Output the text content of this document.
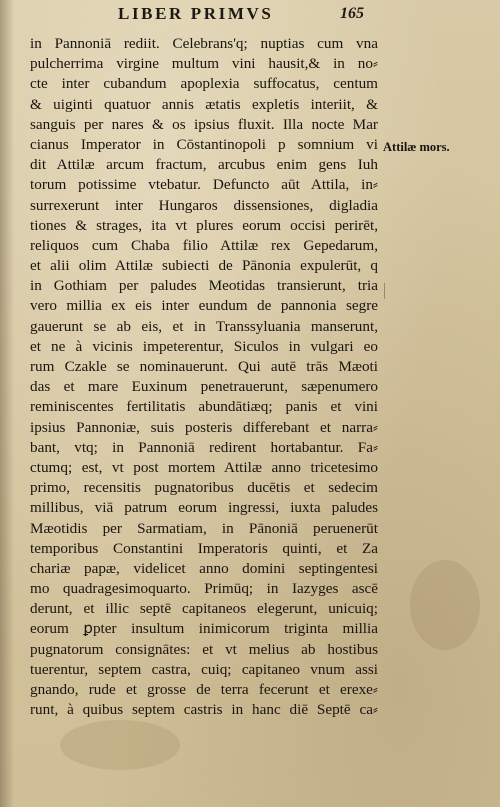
LIBER PRIMVS	165
in Pannoniā rediit. Celebrans'q; nuptias cum vna
pulcherrima virgine multum vini hausit,& in no⸗
cte inter cubandum apoplexia suffocatus, centum
& uiginti quatuor annis ætatis expletis interiit, &
sanguis per nares & os ipsius fluxit. Illa nocte Mar
cianus Imperator in Cōstantinopoli p somnium vi
dit Attilæ arcum fractum, arcubus enim gens Iuh
torum potissime vtebatur. Defuncto aūt Attila, in⸗
surrexerunt inter Hungaros dissensiones, digladia
tiones & strages, ita vt plures eorum occisi perirēt,
reliquos cum Chaba filio Attilæ rex Gepedarum,
et alii olim Attilæ subiecti de Pānonia expulerūt, q
in Gothiam per paludes Meotidas transierunt, tria
vero millia ex eis inter eundum de pannonia segre
gauerunt se ab eis, et in Transsyluania manserunt,
et ne à vicinis impeterentur, Siculos in vulgari eo
rum Czakle se nominauerunt. Qui autē trās Mæoti
das et mare Euxinum penetrauerunt, sæpenumero
reminiscentes fertilitatis abundātiæq; panis et vini
ipsius Pannoniæ, suis posteris differebant et narra⸗
bant, vtq; in Pannoniā redirent hortabantur. Fa⸗
ctumq; est, vt post mortem Attilæ anno tricetesimo
primo, recensitis pugnatoribus ducētis et sedecim
millibus, viā patrum eorum ingressi, iuxta paludes
Mæotidis per Sarmatiam, in Pānoniā peruenerūt
temporibus Constantini Imperatoris quinti, et Za
chariæ papæ, videlicet anno domini septingentesi
mo quadragesimoquarto. Primūq; in Iazyges ascē
derunt, et illic septē capitaneos elegerunt, unicuiq;
eorum ꝑpter insultum inimicorum triginta millia
pugnatorum consignātes: et vt melius ab hostibus
tuerentur, septem castra, cuiq; capitaneo vnum assi
gnando, rude et grosse de terra fecerunt et erexe⸗
runt, à quibus septem castris in hanc diē Septē ca⸗
Attilæ mors.
